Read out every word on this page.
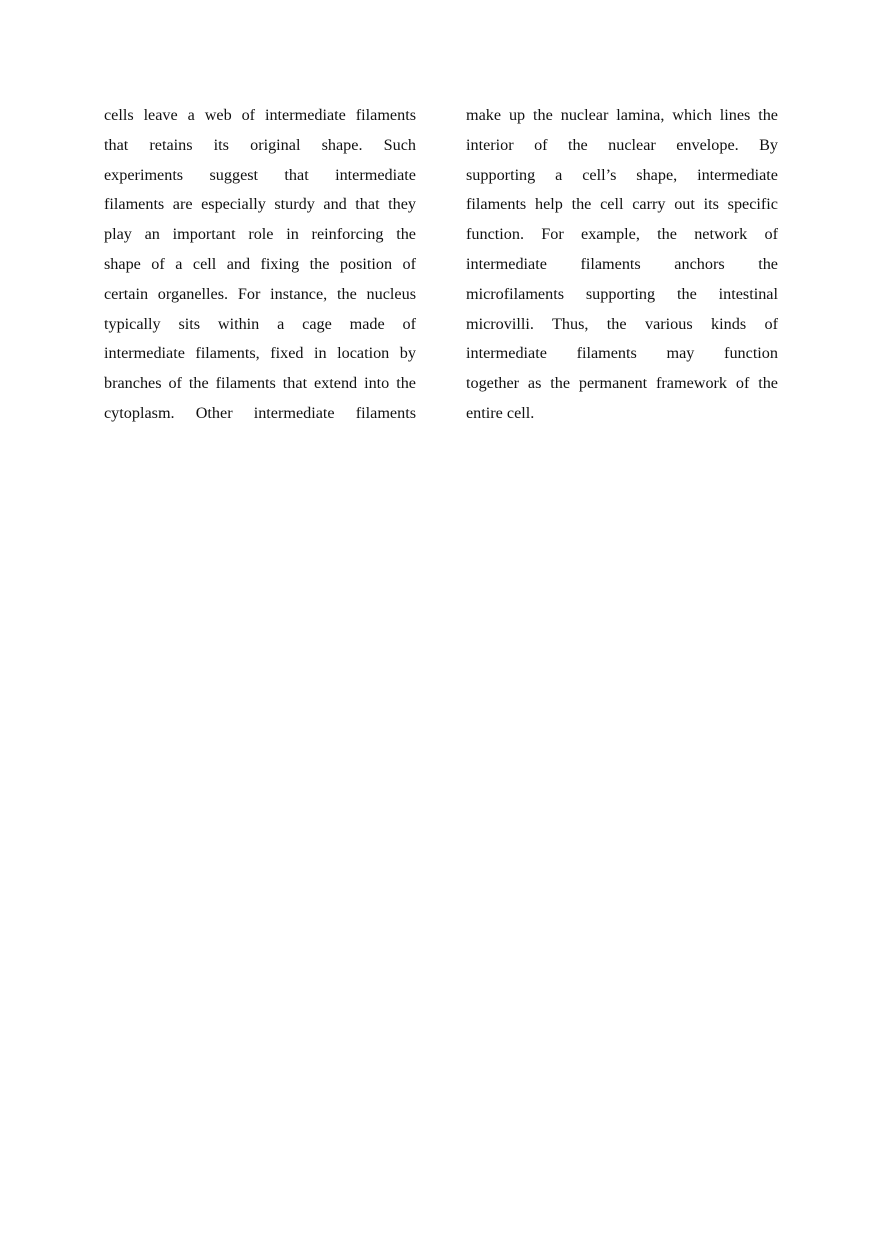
cells leave a web of intermediate filaments
that retains its original shape. Such
experiments suggest that intermediate
filaments are especially sturdy and that they
play an important role in reinforcing the
shape of a cell and fixing the position of
certain organelles. For instance, the nucleus
typically sits within a cage made of
intermediate filaments, fixed in location by
branches of the filaments that extend into the
cytoplasm. Other intermediate filaments
make up the nuclear lamina, which lines the
interior of the nuclear envelope. By
supporting a cell’s shape, intermediate
filaments help the cell carry out its specific
function. For example, the network of
intermediate filaments anchors the
microfilaments supporting the intestinal
microvilli. Thus, the various kinds of
intermediate filaments may function
together as the permanent framework of the
entire cell.
